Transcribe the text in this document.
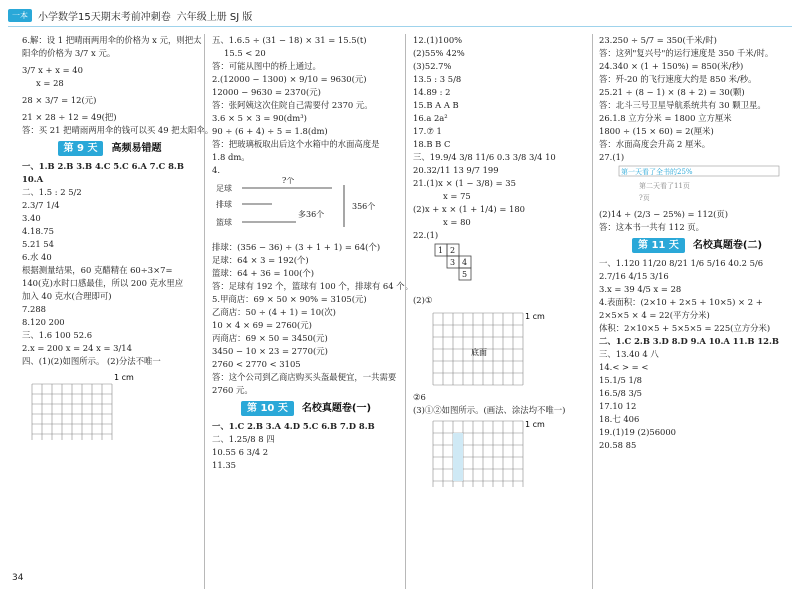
一本	小学数学15天期末考前冲刺卷 六年级上册 SJ 版
6.解：设 1 把晴雨两用伞的价格为 x 元，则把太
阳伞的价格为 3/7 x 元。
3/7 x + x = 40
x = 28
28 × 3/7 = 12(元)
21 × 28 ÷ 12 = 49(把)
答：买 21 把晴雨两用伞的钱可以买 49 把太阳伞。
第 9 天	高频易错题
一、1.B 2.B 3.B 4.C 5.C 6.A 7.C 8.B
10.A
二、1.5 : 2 5/2
2.3/7 1/4
3.40
4.18.75
5.21 54
6.水 40
根据测量结果，60 克醋精在 60÷3×7=
140(克)水时口感最佳，所以 200 克水里应
加入 40 克水(合理即可)
7.288
8.120 200
三、1.6 100 52.6
2.x = 200 x = 24 x = 3/14
四、(1)(2)如图所示。 (2)分法不唯一
1 cm
五、1.6.5 ÷ (31 − 18) × 31 = 15.5(t)
15.5 < 20
答：可能从图中的桥上通过。
2.(12000 − 1300) × 9/10 = 9630(元)
12000 − 9630 = 2370(元)
答：张阿姨这次住院自己需要付 2370 元。
3.6 × 5 × 3 = 90(dm³)
90 ÷ (6 + 4) ÷ 5 = 1.8(dm)
答：把玻璃板取出后这个水箱中的水面高度是
1.8 dm。
4.
足球
排球
篮球
?个
多36个
356个
排球：(356 − 36) ÷ (3 + 1 + 1) = 64(个)
足球：64 × 3 = 192(个)
篮球：64 + 36 = 100(个)
答：足球有 192 个，篮球有 100 个，排球有 64 个。
5.甲商店：69 × 50 × 90% = 3105(元)
乙商店：50 ÷ (4 + 1) = 10(次)
10 × 4 × 69 = 2760(元)
丙商店：69 × 50 = 3450(元)
3450 − 10 × 23 = 2770(元)
2760 < 2770 < 3105
答：这个公司到乙商店购买头盔最便宜，一共需要
2760 元。
第 10 天	名校真题卷(一)
一、1.C 2.B 3.A 4.D 5.C 6.B 7.D 8.B
二、1.25/8 8 四
10.55 6 3/4 2
11.35
12.(1)100%
(2)55% 42%
(3)52.7%
13.5 : 3 5/8
14.89 : 2
15.B A A B
16.a 2a²
17.⑦ 1
18.B B C
三、19.9/4 3/8 11/6 0.3 3/8 3/4 10
20.32/11 13 9/7 199
21.(1)x × (1 − 3/8) = 35
x = 75
(2)x + x × (1 + 1/4) = 180
x = 80
22.(1)
1 2
3 4
5
(2)①
底面
1 cm
②6
(3)①②如图所示。(画法、涂法均不唯一)
1 cm
23.250 ÷ 5/7 = 350(千米/时)
答：这列"复兴号"的运行速度是 350 千米/时。
24.340 × (1 + 150%) = 850(米/秒)
答：歼-20 的飞行速度大约是 850 米/秒。
25.21 ÷ (8 − 1) × (8 + 2) = 30(颗)
答：北斗三号卫星导航系统共有 30 颗卫星。
26.1.8 立方分米 = 1800 立方厘米
1800 ÷ (15 × 60) = 2(厘米)
答：水面高度会升高 2 厘米。
27.(1)
第一天看了全书的25%
第二天看了11页
?页
(2)14 ÷ (2/3 − 25%) = 112(页)
答：这本书一共有 112 页。
第 11 天	名校真题卷(二)
一、1.120 11/20 8/21 1/6 5/16 40.2 5/6
2.7/16 4/15 3/16
3.x = 39 4/5 x = 28
4.表面积：(2×10 + 2×5 + 10×5) × 2 + 2×5×5 × 4 = 22(平方分米)
体积：2×10×5 + 5×5×5 = 225(立方分米)
二、1.C 2.B 3.D 8.D 9.A 10.A 11.B 12.B
三、13.40 4 八
14.< > = <
15.1/5 1/8
16.5/8 3/5
17.10 12
18.七 406
19.(1)19 (2)56000
20.58 85
34
